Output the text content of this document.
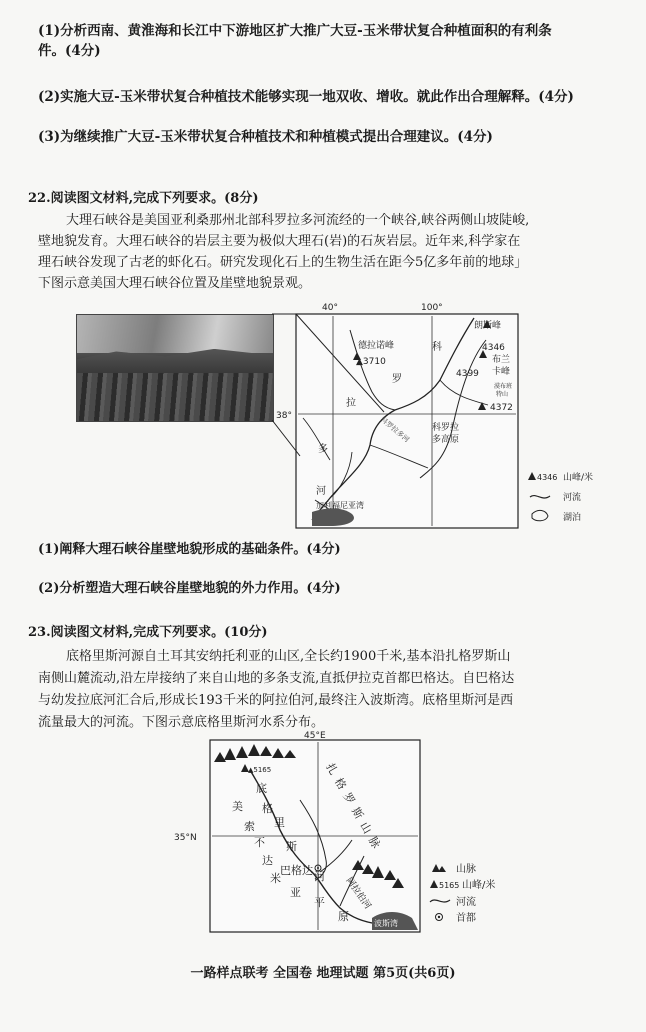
(1)分析西南、黄淮海和长江中下游地区扩大推广大豆-玉米带状复合种植面积的有利条
件。(4分)
(2)实施大豆-玉米带状复合种植技术能够实现一地双收、增收。就此作出合理解释。(4分)
(3)为继续推广大豆-玉米带状复合种植技术和种植模式提出合理建议。(4分)
22.阅读图文材料,完成下列要求。(8分)
大理石峡谷是美国亚利桑那州北部科罗拉多河流经的一个峡谷,峡谷两侧山坡陡峻,
壁地貌发育。大理石峡谷的岩层主要为极似大理石(岩)的石灰岩层。近年来,科学家在
理石峡谷发现了古老的虾化石。研究发现化石上的生物生活在距今5亿多年前的地球」
下图示意美国大理石峡谷位置及崖壁地貌景观。
40°	100°
38°
朗斯峰
德拉诺峰
▲3710
4346
布兰
卡峰
4399
漠布班
特山
4372
科
罗
拉
多
河
科罗拉
多高原
科罗拉多河
加利福尼亚湾
4346 山峰/米
河流
湖泊
45°E
35°N
▲5165
底
美 格
索 里
不 斯
达
巴格达
米	河
亚
平
原
扎格罗斯山脉
阿拉伯河
波斯湾
山脉
5165 山峰/米
河流
首都
(1)阐释大理石峡谷崖壁地貌形成的基础条件。(4分)
(2)分析塑造大理石峡谷崖壁地貌的外力作用。(4分)
23.阅读图文材料,完成下列要求。(10分)
底格里斯河源自土耳其安纳托利亚的山区,全长约1900千米,基本沿扎格罗斯山
南侧山麓流动,沿左岸接纳了来自山地的多条支流,直抵伊拉克首都巴格达。自巴格达
与幼发拉底河汇合后,形成长193千米的阿拉伯河,最终注入波斯湾。底格里斯河是西
流量最大的河流。下图示意底格里斯河水系分布。
一路样点联考 全国卷 地理试题 第5页(共6页)
